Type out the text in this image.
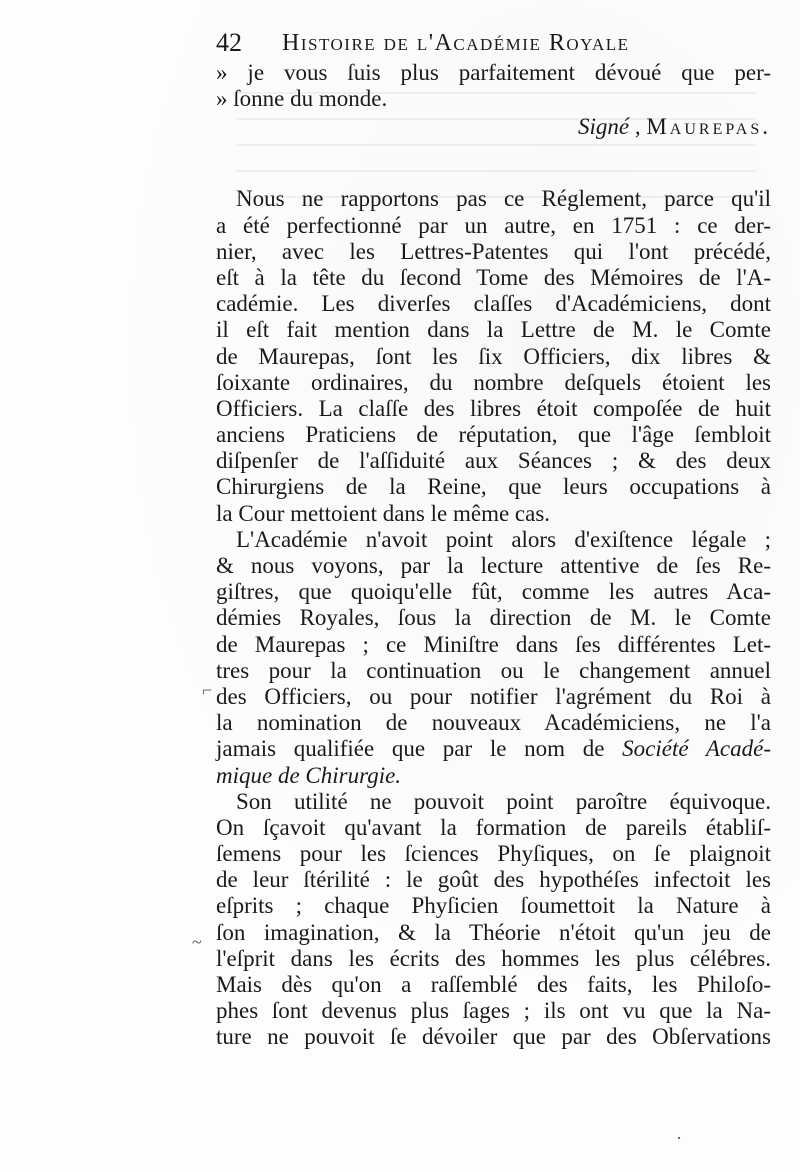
42 Histoire de l'Académie Royale
» je vous ſuis plus parfaitement dévoué que per-
» ſonne du monde.
Signé , Maurepas.
Nous ne rapportons pas ce Réglement, parce qu'il
a été perfectionné par un autre, en 1751 : ce der-
nier, avec les Lettres-Patentes qui l'ont précédé,
eſt à la tête du ſecond Tome des Mémoires de l'A-
cadémie. Les diverſes claſſes d'Académiciens, dont
il eſt fait mention dans la Lettre de M. le Comte
de Maurepas, ſont les ſix Officiers, dix libres &
ſoixante ordinaires, du nombre deſquels étoient les
Officiers. La claſſe des libres étoit compoſée de huit
anciens Praticiens de réputation, que l'âge ſembloit
diſpenſer de l'aſſiduité aux Séances ; & des deux
Chirurgiens de la Reine, que leurs occupations à
la Cour mettoient dans le même cas.
L'Académie n'avoit point alors d'exiſtence légale ;
& nous voyons, par la lecture attentive de ſes Re-
giſtres, que quoiqu'elle fût, comme les autres Aca-
démies Royales, ſous la direction de M. le Comte
de Maurepas ; ce Miniſtre dans ſes différentes Let-
tres pour la continuation ou le changement annuel
des Officiers, ou pour notifier l'agrément du Roi à
la nomination de nouveaux Académiciens, ne l'a
jamais qualifiée que par le nom de Société Acadé-
mique de Chirurgie.
Son utilité ne pouvoit point paroître équivoque.
On ſçavoit qu'avant la formation de pareils établiſ-
ſemens pour les ſciences Phyſiques, on ſe plaignoit
de leur ſtérilité : le goût des hypothéſes infectoit les
eſprits ; chaque Phyſicien ſoumettoit la Nature à
ſon imagination, & la Théorie n'étoit qu'un jeu de
l'eſprit dans les écrits des hommes les plus célébres.
Mais dès qu'on a raſſemblé des faits, les Philoſo-
phes ſont devenus plus ſages ; ils ont vu que la Na-
ture ne pouvoit ſe dévoiler que par des Obſervations
⌐
~
·
